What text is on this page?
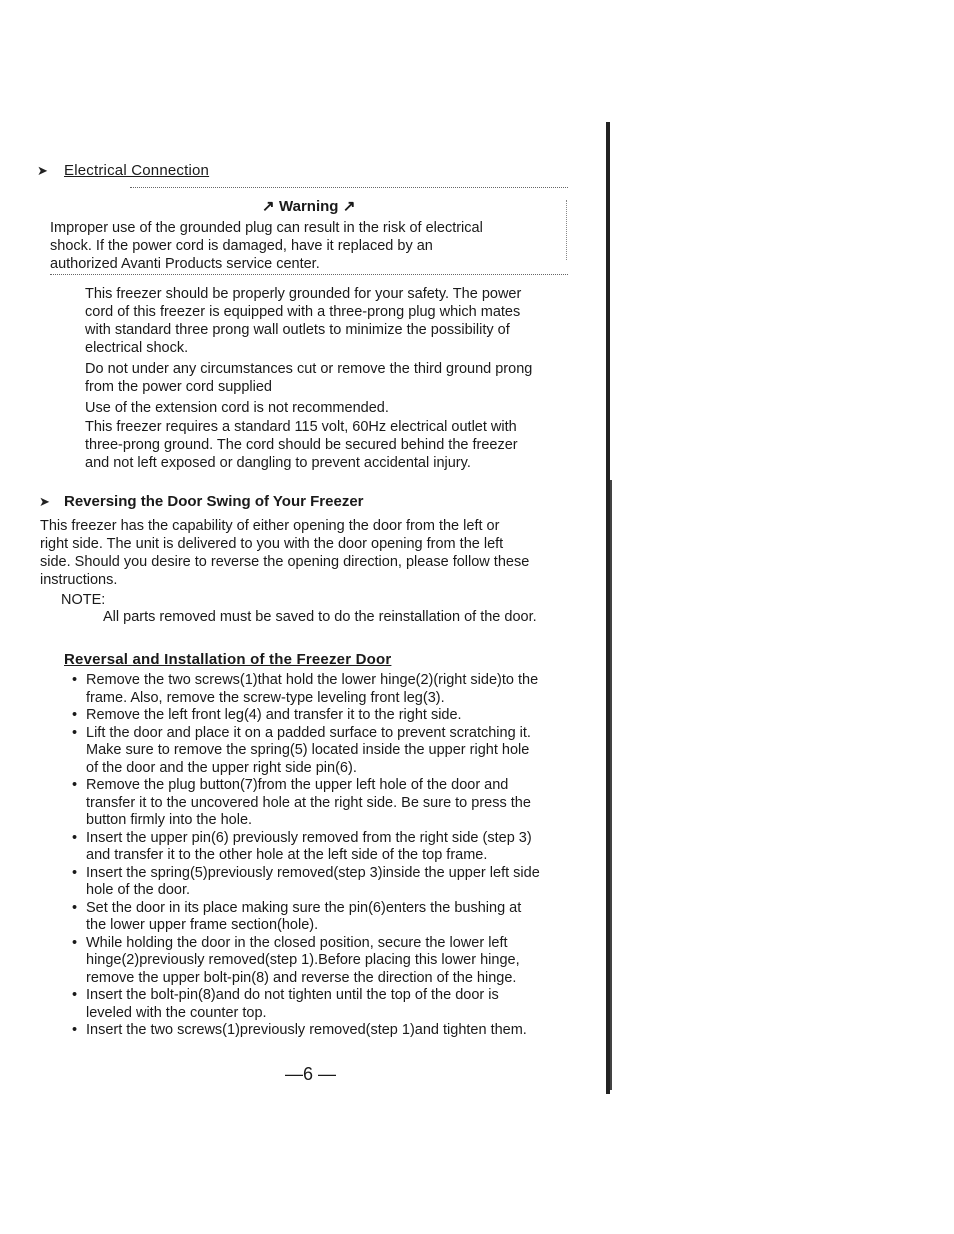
➤ Electrical Connection
↗ Warning ↗
Improper use of the grounded plug can result in the risk of electrical
shock. If the power cord is damaged, have it replaced by an
authorized Avanti Products service center.
This freezer should be properly grounded for your safety. The power
cord of this freezer is equipped with a three-prong plug which mates
with standard three prong wall outlets to minimize the possibility of
electrical shock.
Do not under any circumstances cut or remove the third ground prong
from the power cord supplied
Use of the extension cord is not recommended.
This freezer requires a standard 115 volt, 60Hz electrical outlet with
three-prong ground. The cord should be secured behind the freezer
and not left exposed or dangling to prevent accidental injury.
➤ Reversing the Door Swing of Your Freezer
This freezer has the capability of either opening the door from the left or
right side. The unit is delivered to you with the door opening from the left
side. Should you desire to reverse the opening direction, please follow these
instructions.
NOTE:
All parts removed must be saved to do the reinstallation of the door.
Reversal and Installation of the Freezer Door
• Remove the two screws(1)that hold the lower hinge(2)(right side)to the
frame. Also, remove the screw-type leveling front leg(3).
• Remove the left front leg(4) and transfer it to the right side.
• Lift the door and place it on a padded surface to prevent scratching it.
Make sure to remove the spring(5) located inside the upper right hole
of the door and the upper right side pin(6).
• Remove the plug button(7)from the upper left hole of the door and
transfer it to the uncovered hole at the right side. Be sure to press the
button firmly into the hole.
• Insert the upper pin(6) previously removed from the right side (step 3)
and transfer it to the other hole at the left side of the top frame.
• Insert the spring(5)previously removed(step 3)inside the upper left side
hole of the door.
• Set the door in its place making sure the pin(6)enters the bushing at
the lower upper frame section(hole).
• While holding the door in the closed position, secure the lower left
hinge(2)previously removed(step 1).Before placing this lower hinge,
remove the upper bolt-pin(8) and reverse the direction of the hinge.
• Insert the bolt-pin(8)and do not tighten until the top of the door is
leveled with the counter top.
• Insert the two screws(1)previously removed(step 1)and tighten them.
—6 —
